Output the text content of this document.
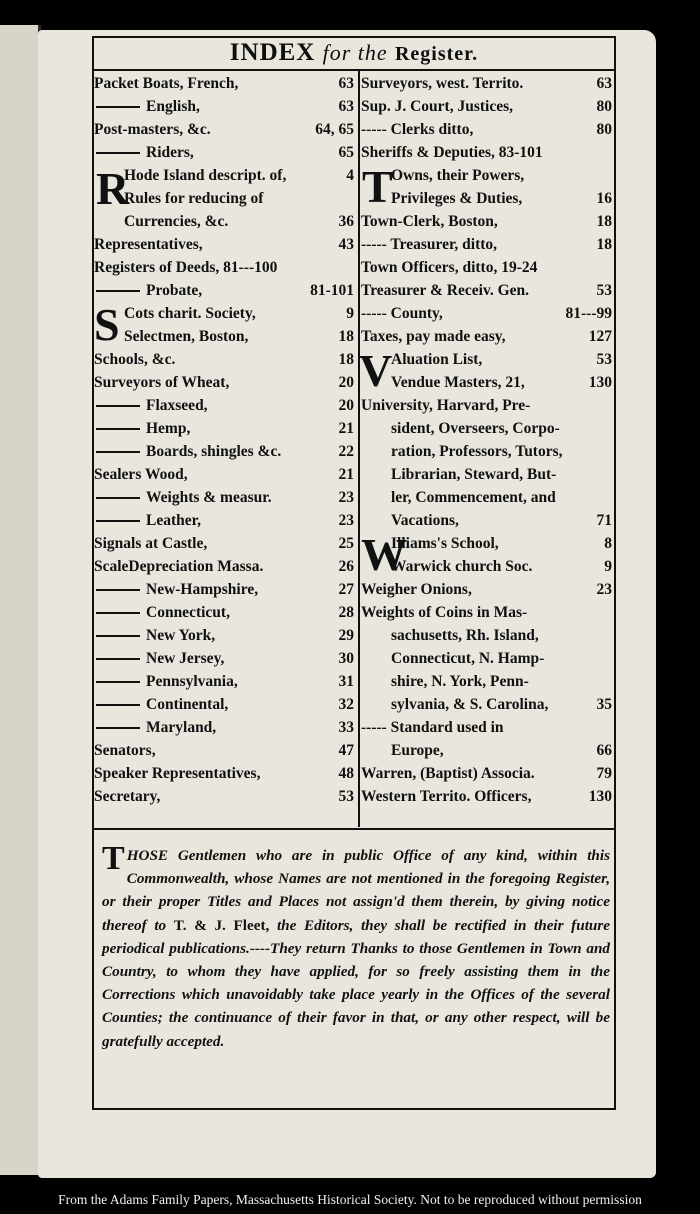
INDEX for the Register.
Packet Boats, French,	63
English,	63
Post-masters, &c.	64, 65
Riders,	65
Hode Island descript. of,	4
Rules for reducing of
Currencies, &c.	36
Representatives,	43
Registers of Deeds, 81---100
Probate,	81-101
Cots charit. Society,	9
Selectmen, Boston,	18
Schools, &c.	18
Surveyors of Wheat,	20
Flaxseed,	20
Hemp,	21
Boards, shingles &c.	22
Sealers Wood,	21
Weights & measur.	23
Leather,	23
Signals at Castle,	25
ScaleDepreciation Massa.	26
New-Hampshire,	27
Connecticut,	28
New York,	29
New Jersey,	30
Pennsylvania,	31
Continental,	32
Maryland,	33
Senators,	47
Speaker Representatives,	48
Secretary,	53
Surveyors, west. Territo.	63
Sup. J. Court, Justices,	80
----- Clerks ditto,	80
Sheriffs & Deputies, 83-101
Owns, their Powers,
Privileges & Duties,	16
Town-Clerk, Boston,	18
----- Treasurer, ditto,	18
Town Officers, ditto, 19-24
Treasurer & Receiv. Gen.	53
----- County,	81---99
Taxes, pay made easy,	127
Aluation List,	53
Vendue Masters, 21,	130
University, Harvard, Pre-
sident, Overseers, Corpo-
ration, Professors, Tutors,
Librarian, Steward, But-
ler, Commencement, and
Vacations,	71
Illiams's School,	8
Warwick church Soc.	9
Weigher Onions,	23
Weights of Coins in Mas-
sachusetts, Rh. Island,
Connecticut, N. Hamp-
shire, N. York, Penn-
sylvania, & S. Carolina,	35
----- Standard used in
Europe,	66
Warren, (Baptist) Associa.	79
Western Territo. Officers,	130
R
S
T
V
W
THOSE Gentlemen who are in public Office of any kind, within this Commonwealth, whose Names are not mentioned in the foregoing Register, or their proper Titles and Places not assign'd them therein, by giving notice thereof to T. & J. Fleet, the Editors, they shall be rectified in their future periodical publications.----They return Thanks to those Gentlemen in Town and Country, to whom they have applied, for so freely assisting them in the Corrections which unavoidably take place yearly in the Offices of the several Counties; the continuance of their favor in that, or any other respect, will be gratefully accepted.
From the Adams Family Papers, Massachusetts Historical Society. Not to be reproduced without permission
